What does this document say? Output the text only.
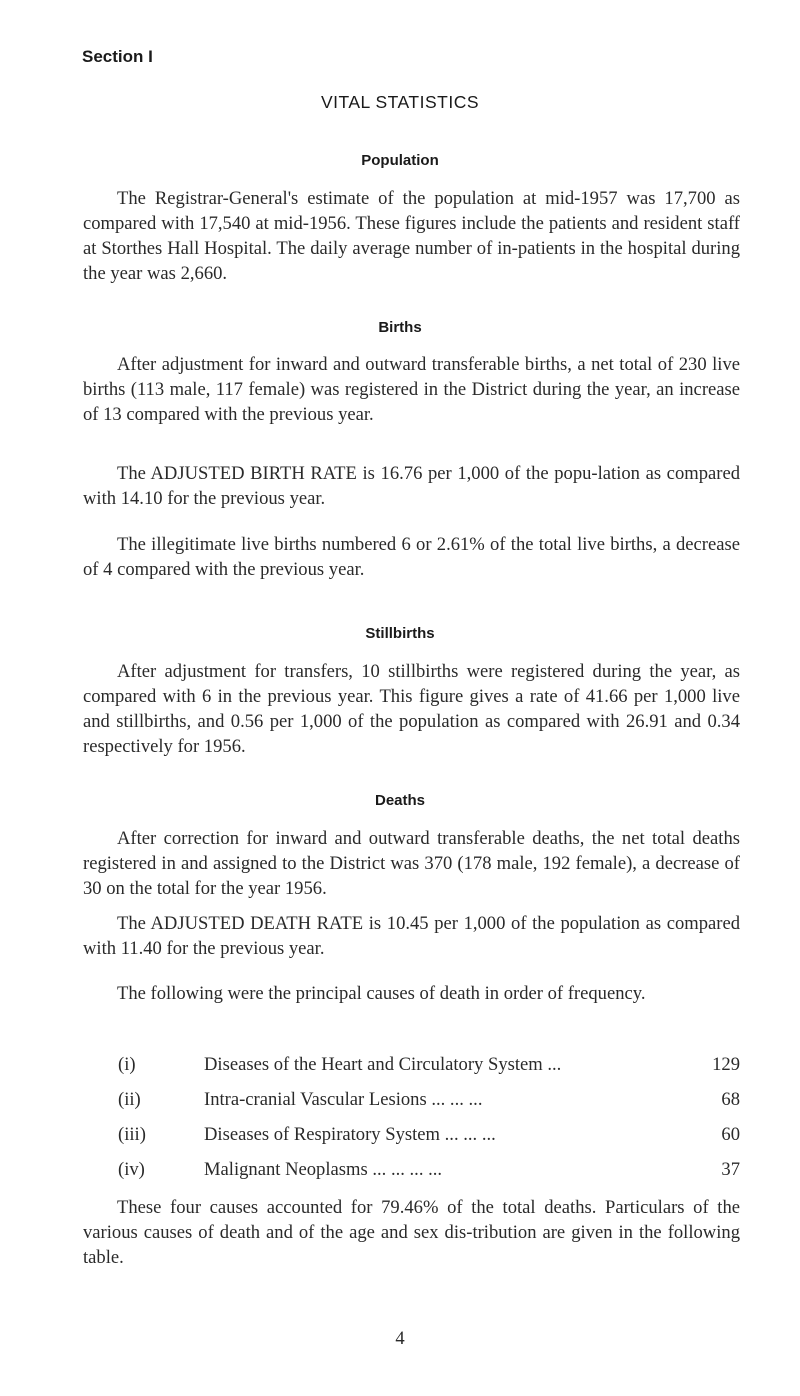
Section I
VITAL STATISTICS
Population

The Registrar-General's estimate of the population at mid-1957 was 17,700 as compared with 17,540 at mid-1956. These figures include the patients and resident staff at Storthes Hall Hospital. The daily average number of in-patients in the hospital during the year was 2,660.

Births

After adjustment for inward and outward transferable births, a net total of 230 live births (113 male, 117 female) was registered in the District during the year, an increase of 13 compared with the previous year.

The ADJUSTED BIRTH RATE is 16.76 per 1,000 of the popu-lation as compared with 14.10 for the previous year.

The illegitimate live births numbered 6 or 2.61% of the total live births, a decrease of 4 compared with the previous year.

Stillbirths

After adjustment for transfers, 10 stillbirths were registered during the year, as compared with 6 in the previous year. This figure gives a rate of 41.66 per 1,000 live and stillbirths, and 0.56 per 1,000 of the population as compared with 26.91 and 0.34 respectively for 1956.

Deaths

After correction for inward and outward transferable deaths, the net total deaths registered in and assigned to the District was 370 (178 male, 192 female), a decrease of 30 on the total for the year 1956.

(i)	Diseases of the Heart and Circulatory System ...	129
(ii)	Intra-cranial Vascular Lesions ... ... ...	68
(iii)	Diseases of Respiratory System ... ... ...	60
(iv)	Malignant Neoplasms ... ... ... ...	37

These four causes accounted for 79.46% of the total deaths. Particulars of the various causes of death and of the age and sex dis-tribution are given in the following table.

4

The ADJUSTED DEATH RATE is 10.45 per 1,000 of the population as compared with 11.40 for the previous year.

The following were the principal causes of death in order of frequency.
